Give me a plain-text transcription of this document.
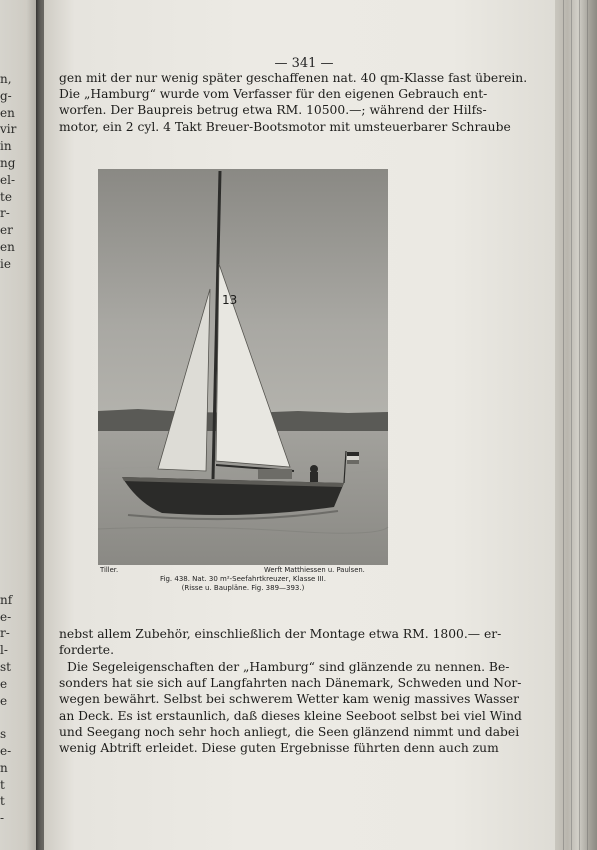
n,
g-
en
vir
in
ng
el-
te
r-
er
en
ie
nf
e-
r-
l-
st
e
e
s
e-
n
t
t
-
— 341 —
gen mit der nur wenig später geschaffenen nat. 40 qm-Klasse fast überein.
Die „Hamburg“ wurde vom Verfasser für den eigenen Gebrauch ent-
worfen. Der Baupreis betrug etwa RM. 10500.—; während der Hilfs-
motor, ein 2 cyl. 4 Takt Breuer-Bootsmotor mit umsteuerbarer Schraube
13
Tiller.	Werft Matthiessen u. Paulsen.
Fig. 438. Nat. 30 m²-Seefahrtkreuzer, Klasse III.
(Risse u. Baupläne. Fig. 389—393.)
nebst allem Zubehör, einschließlich der Montage etwa RM. 1800.— er-
forderte.
Die Segeleigenschaften der „Hamburg“ sind glänzende zu nennen. Be-
sonders hat sie sich auf Langfahrten nach Dänemark, Schweden und Nor-
wegen bewährt. Selbst bei schwerem Wetter kam wenig massives Wasser
an Deck. Es ist erstaunlich, daß dieses kleine Seeboot selbst bei viel Wind
und Seegang noch sehr hoch anliegt, die Seen glänzend nimmt und dabei
wenig Abtrift erleidet. Diese guten Ergebnisse führten denn auch zum
